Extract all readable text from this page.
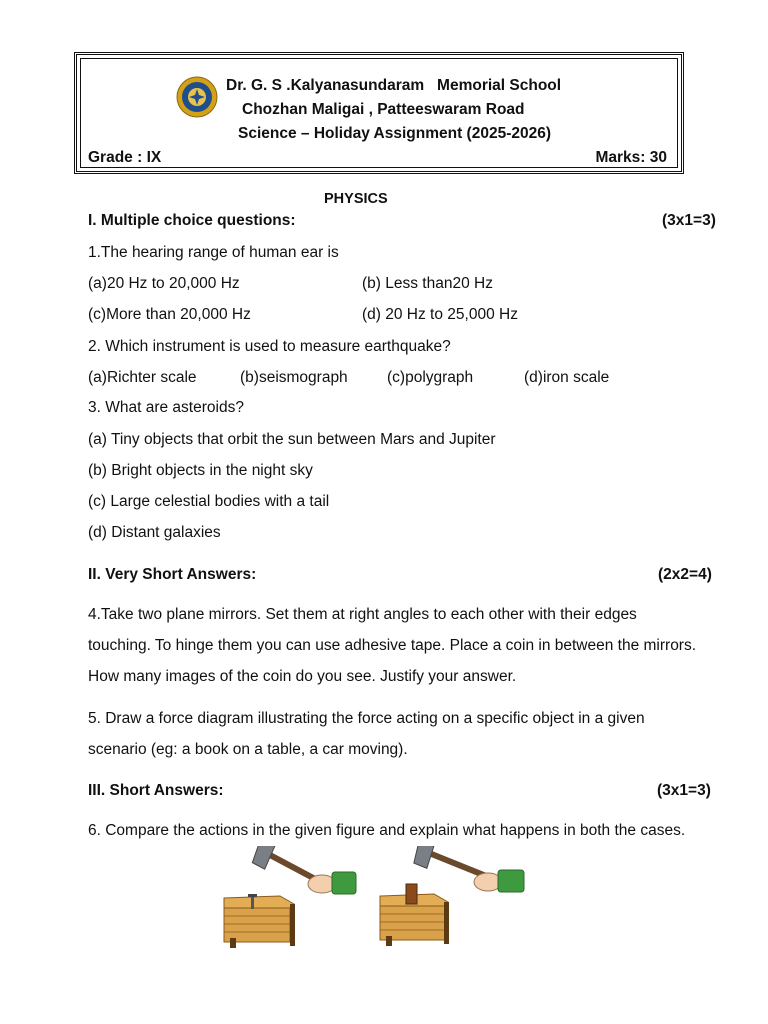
Dr. G. S .Kalyanasundaram   Memorial School
Chozhan Maligai , Patteeswaram Road
Science – Holiday Assignment (2025-2026)
Grade : IX	Marks: 30
PHYSICS
I. Multiple choice questions:	(3x1=3)
1.The hearing range of human ear is
(a)20 Hz to 20,000 Hz	(b) Less than20 Hz
(c)More than 20,000 Hz	(d) 20 Hz to 25,000 Hz
2. Which instrument is used to measure earthquake?
(a)Richter scale	(b)seismograph	(c)polygraph	(d)iron scale
3. What are asteroids?
(a) Tiny objects that orbit the sun between Mars and Jupiter
(b) Bright objects in the night sky
(c) Large celestial bodies with a tail
(d) Distant galaxies
II. Very Short Answers:	(2x2=4)
4.Take two plane mirrors. Set them at right angles to each other with their edges
touching. To hinge them you can use adhesive tape. Place a coin in between the mirrors.
How many images of the coin do you see. Justify your answer.
5. Draw a force diagram illustrating the force acting on a specific object in a given
scenario (eg: a book on a table, a car moving).
III. Short Answers:	(3x1=3)
6. Compare the actions in the given figure and explain what happens in both the cases.
